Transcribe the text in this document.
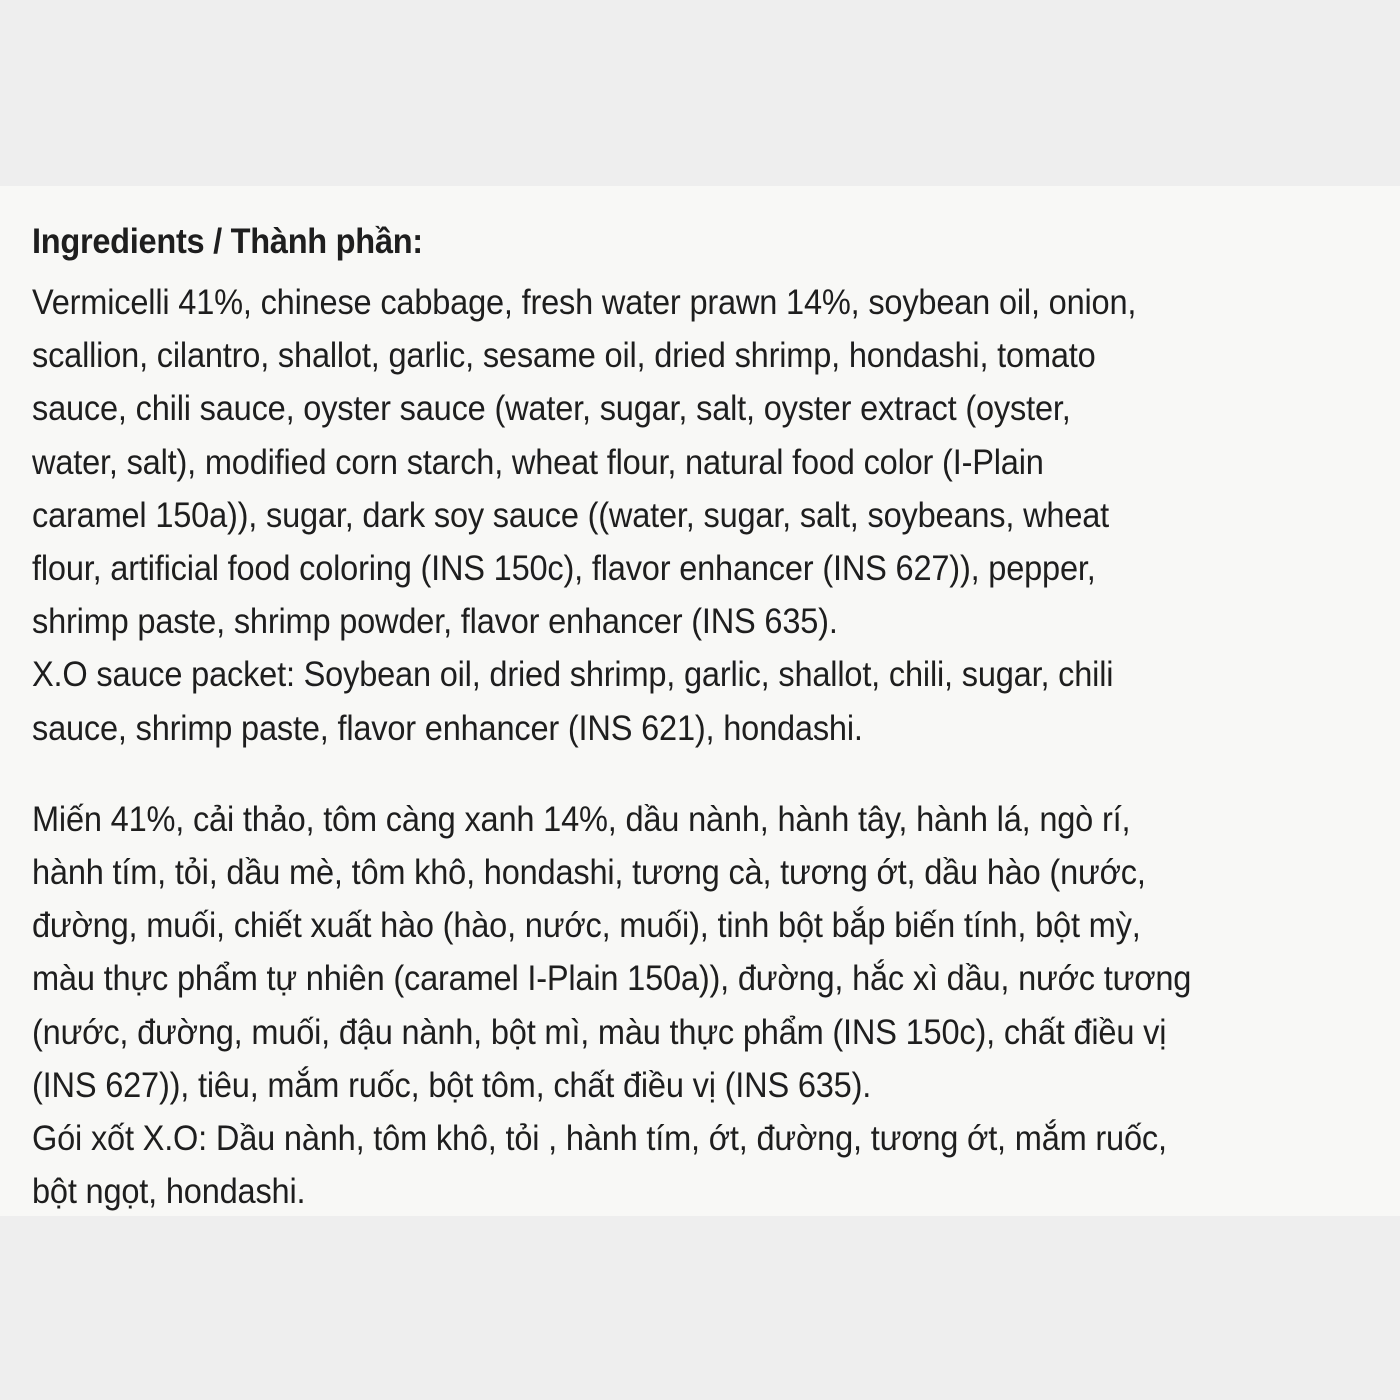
Ingredients / Thành phần:

Vermicelli 41%, chinese cabbage, fresh water prawn 14%, soybean oil, onion,
scallion, cilantro, shallot, garlic, sesame oil, dried shrimp, hondashi, tomato
sauce, chili sauce, oyster sauce (water, sugar, salt, oyster extract (oyster,
water, salt), modified corn starch, wheat flour, natural food color (I-Plain
caramel 150a)), sugar, dark soy sauce ((water, sugar, salt, soybeans, wheat
flour, artificial food coloring (INS 150c), flavor enhancer (INS 627)), pepper,
shrimp paste, shrimp powder, flavor enhancer (INS 635).
X.O sauce packet: Soybean oil, dried shrimp, garlic, shallot, chili, sugar, chili
sauce, shrimp paste, flavor enhancer (INS 621), hondashi.

Miến 41%, cải thảo, tôm càng xanh 14%, dầu nành, hành tây, hành lá, ngò rí,
hành tím, tỏi, dầu mè, tôm khô, hondashi, tương cà, tương ớt, dầu hào (nước,
đường, muối, chiết xuất hào (hào, nước, muối), tinh bột bắp biến tính, bột mỳ,
màu thực phẩm tự nhiên (caramel I-Plain 150a)), đường, hắc xì dầu, nước tương
(nước, đường, muối, đậu nành, bột mì, màu thực phẩm (INS 150c), chất điều vị
(INS 627)), tiêu, mắm ruốc, bột tôm, chất điều vị (INS 635).
Gói xốt X.O: Dầu nành, tôm khô, tỏi , hành tím, ớt, đường, tương ớt, mắm ruốc,
bột ngọt, hondashi.
